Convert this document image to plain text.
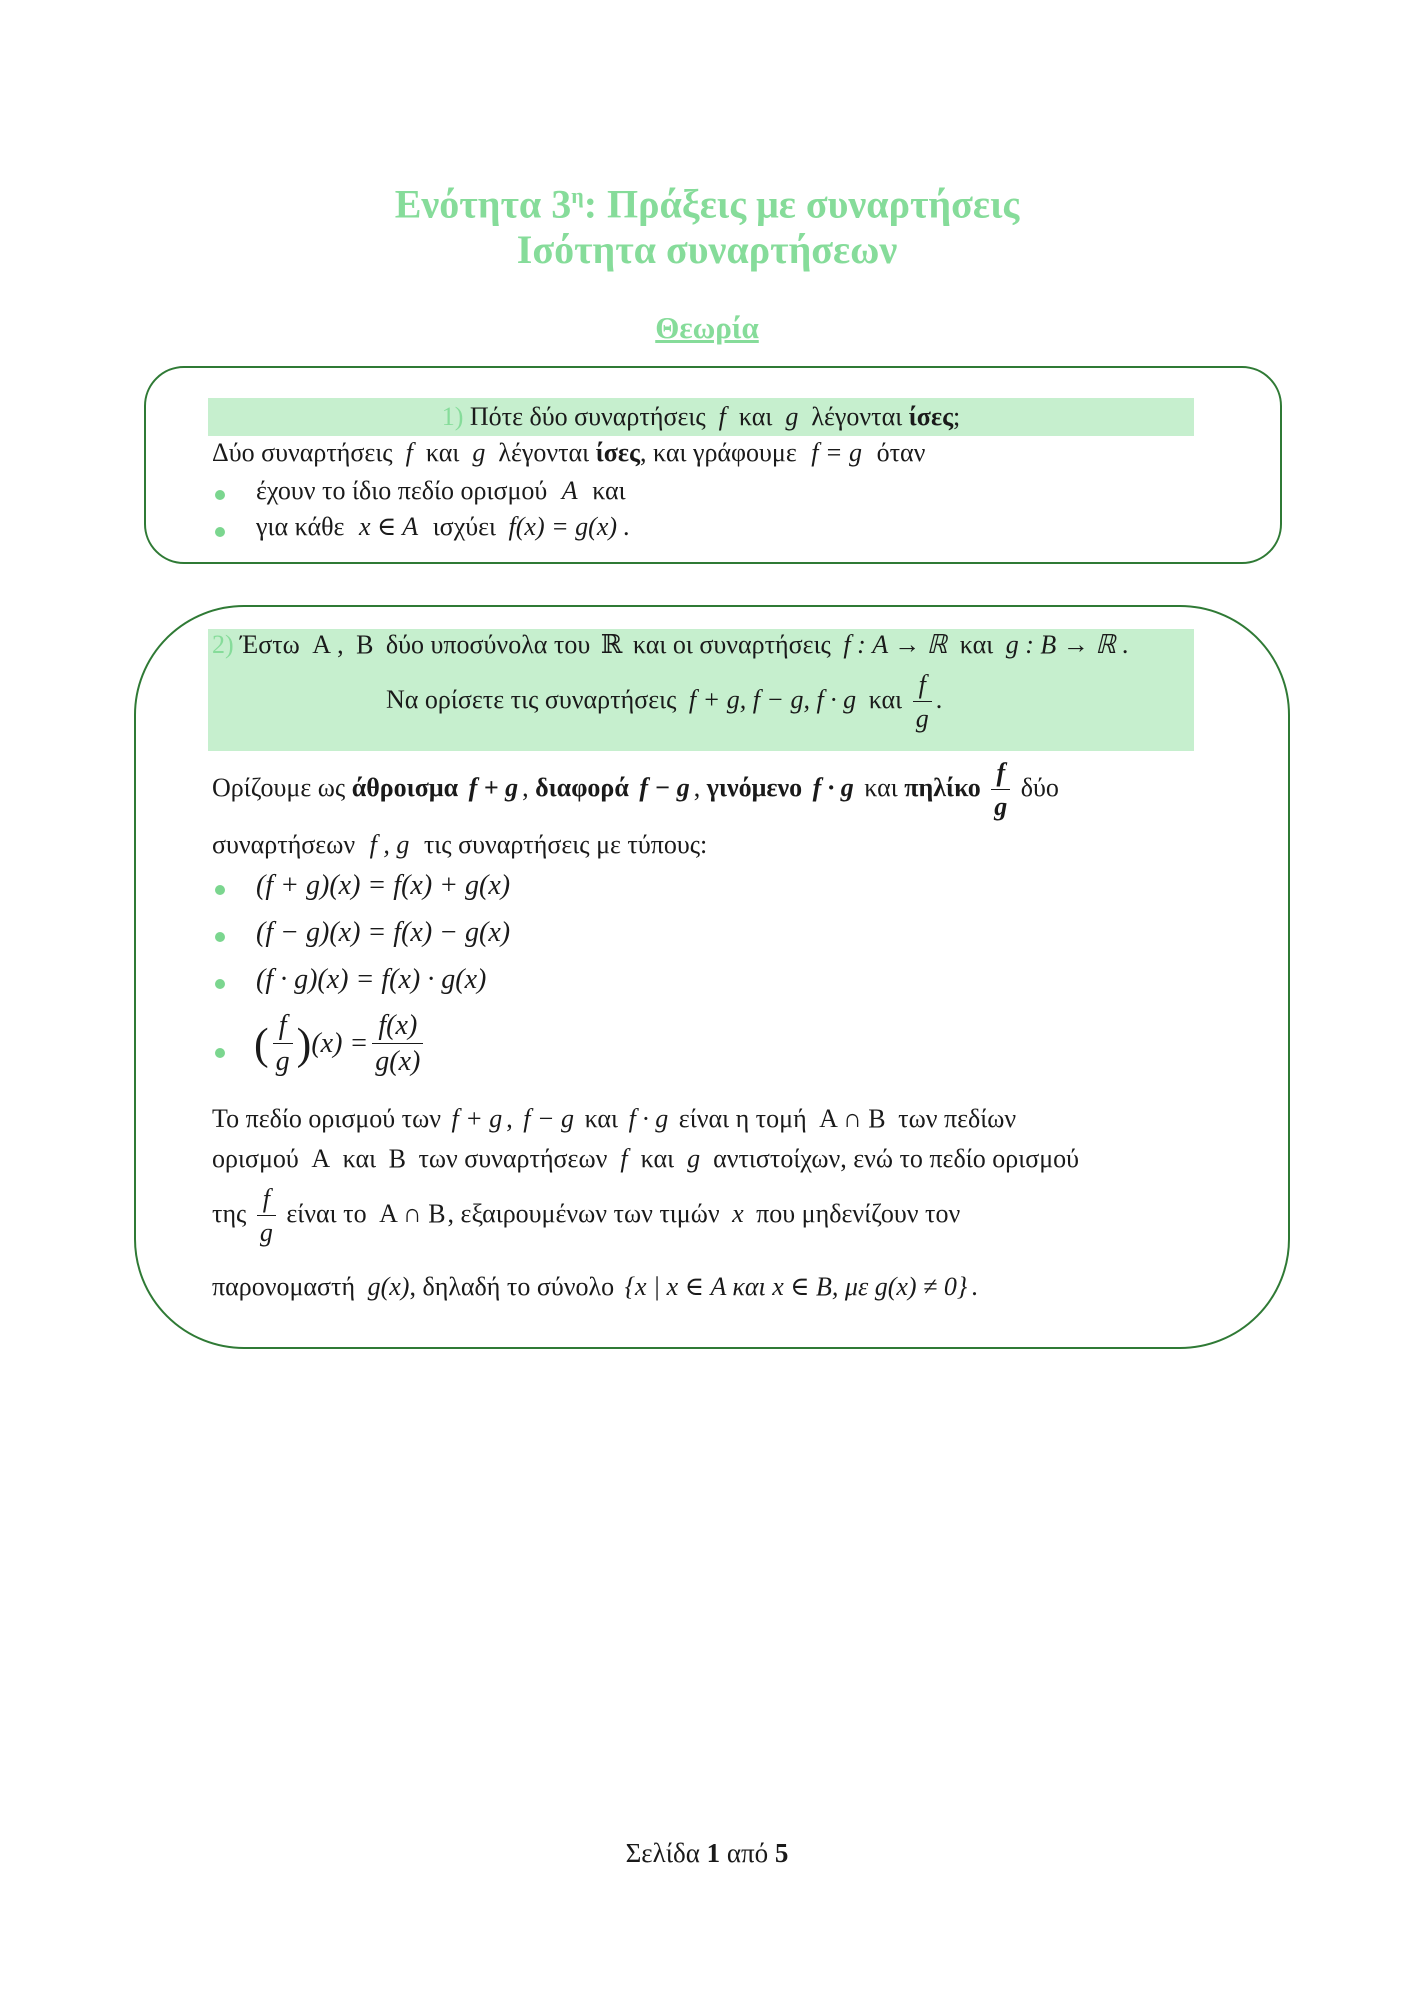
Ενότητα $3^\eta$: Πράξεις με συναρτήσεις
Ισότητα συναρτήσεων
Θεωρία
1) Πότε δύο συναρτήσεις  f  και  g  λέγονται ίσες;
Δύο συναρτήσεις  f  και  g  λέγονται ίσες, και γράφουμε f = g όταν
έχουν το ίδιο πεδίο ορισμού A και
για κάθε x ∈ A ισχύει f(x) = g(x) .
2) Έστω Α , Β δύο υποσύνολα του ℝ και οι συναρτήσεις f : Α → ℝ και g : Β → ℝ .
Να ορίσετε τις συναρτήσεις f + g, f − g, f · g και $\frac{f}{g}$ .
Ορίζουμε ως άθροισμα f + g , διαφορά f − g , γινόμενο f · g και πηλίκο $\frac{f}{g}$ δύο
συναρτήσεων f , g τις συναρτήσεις με τύπους:
(f + g)(x) = f(x) + g(x)
(f − g)(x) = f(x) − g(x)
(f · g)(x) = f(x) · g(x)
( $\frac{f}{g} )(x) = \frac{f(x)}{g(x)}$
Το πεδίο ορισμού των f + g , f − g και f · g είναι η τομή Α ∩ Β των πεδίων
ορισμού Α και Β των συναρτήσεων  f  και  g  αντιστοίχων, ενώ το πεδίο ορισμού
της $\frac{f}{g}$ είναι το Α ∩ Β, εξαιρουμένων των τιμών x που μηδενίζουν τον
παρονομαστή g(x), δηλαδή το σύνολο {x | x ∈ Α και x ∈ Β, με g(x) ≠ 0} .
Σελίδα 1 από 5
